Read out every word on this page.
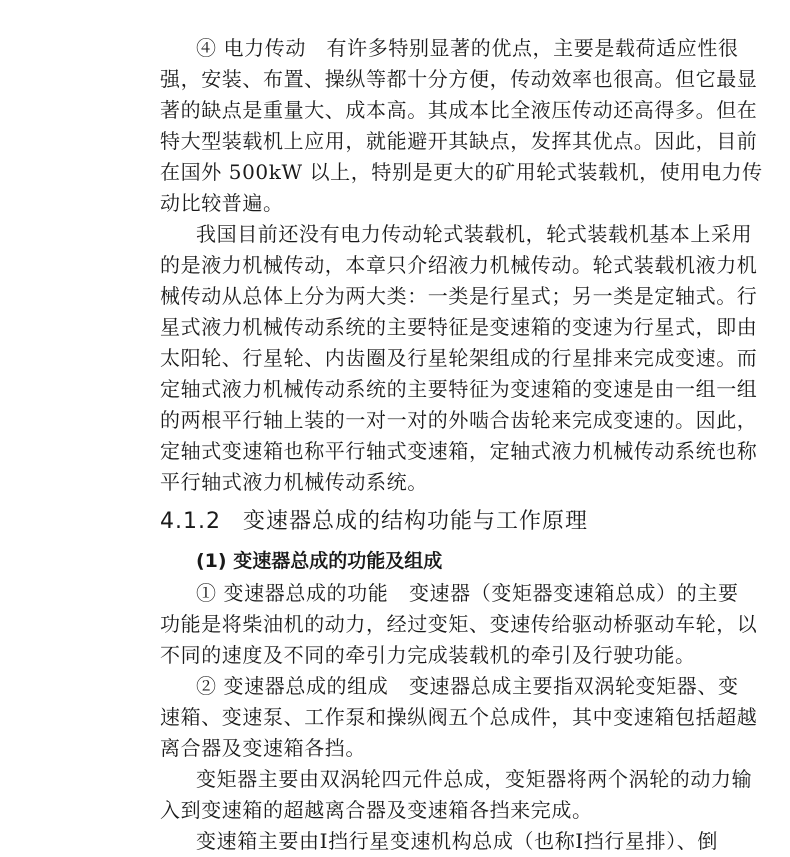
④ 电力传动　有许多特别显著的优点，主要是载荷适应性很
强，安装、布置、操纵等都十分方便，传动效率也很高。但它最显
著的缺点是重量大、成本高。其成本比全液压传动还高得多。但在
特大型装载机上应用，就能避开其缺点，发挥其优点。因此，目前
在国外 500kW 以上，特别是更大的矿用轮式装载机，使用电力传
动比较普遍。
我国目前还没有电力传动轮式装载机，轮式装载机基本上采用
的是液力机械传动，本章只介绍液力机械传动。轮式装载机液力机
械传动从总体上分为两大类：一类是行星式；另一类是定轴式。行
星式液力机械传动系统的主要特征是变速箱的变速为行星式，即由
太阳轮、行星轮、内齿圈及行星轮架组成的行星排来完成变速。而
定轴式液力机械传动系统的主要特征为变速箱的变速是由一组一组
的两根平行轴上装的一对一对的外啮合齿轮来完成变速的。因此，
定轴式变速箱也称平行轴式变速箱，定轴式液力机械传动系统也称
平行轴式液力机械传动系统。
4.1.2 变速器总成的结构功能与工作原理
(1) 变速器总成的功能及组成
① 变速器总成的功能　变速器（变矩器变速箱总成）的主要
功能是将柴油机的动力，经过变矩、变速传给驱动桥驱动车轮，以
不同的速度及不同的牵引力完成装载机的牵引及行驶功能。
② 变速器总成的组成　变速器总成主要指双涡轮变矩器、变
速箱、变速泵、工作泵和操纵阀五个总成件，其中变速箱包括超越
离合器及变速箱各挡。
变矩器主要由双涡轮四元件总成，变矩器将两个涡轮的动力输
入到变速箱的超越离合器及变速箱各挡来完成。
变速箱主要由Ⅰ挡行星变速机构总成（也称Ⅰ挡行星排）、倒
